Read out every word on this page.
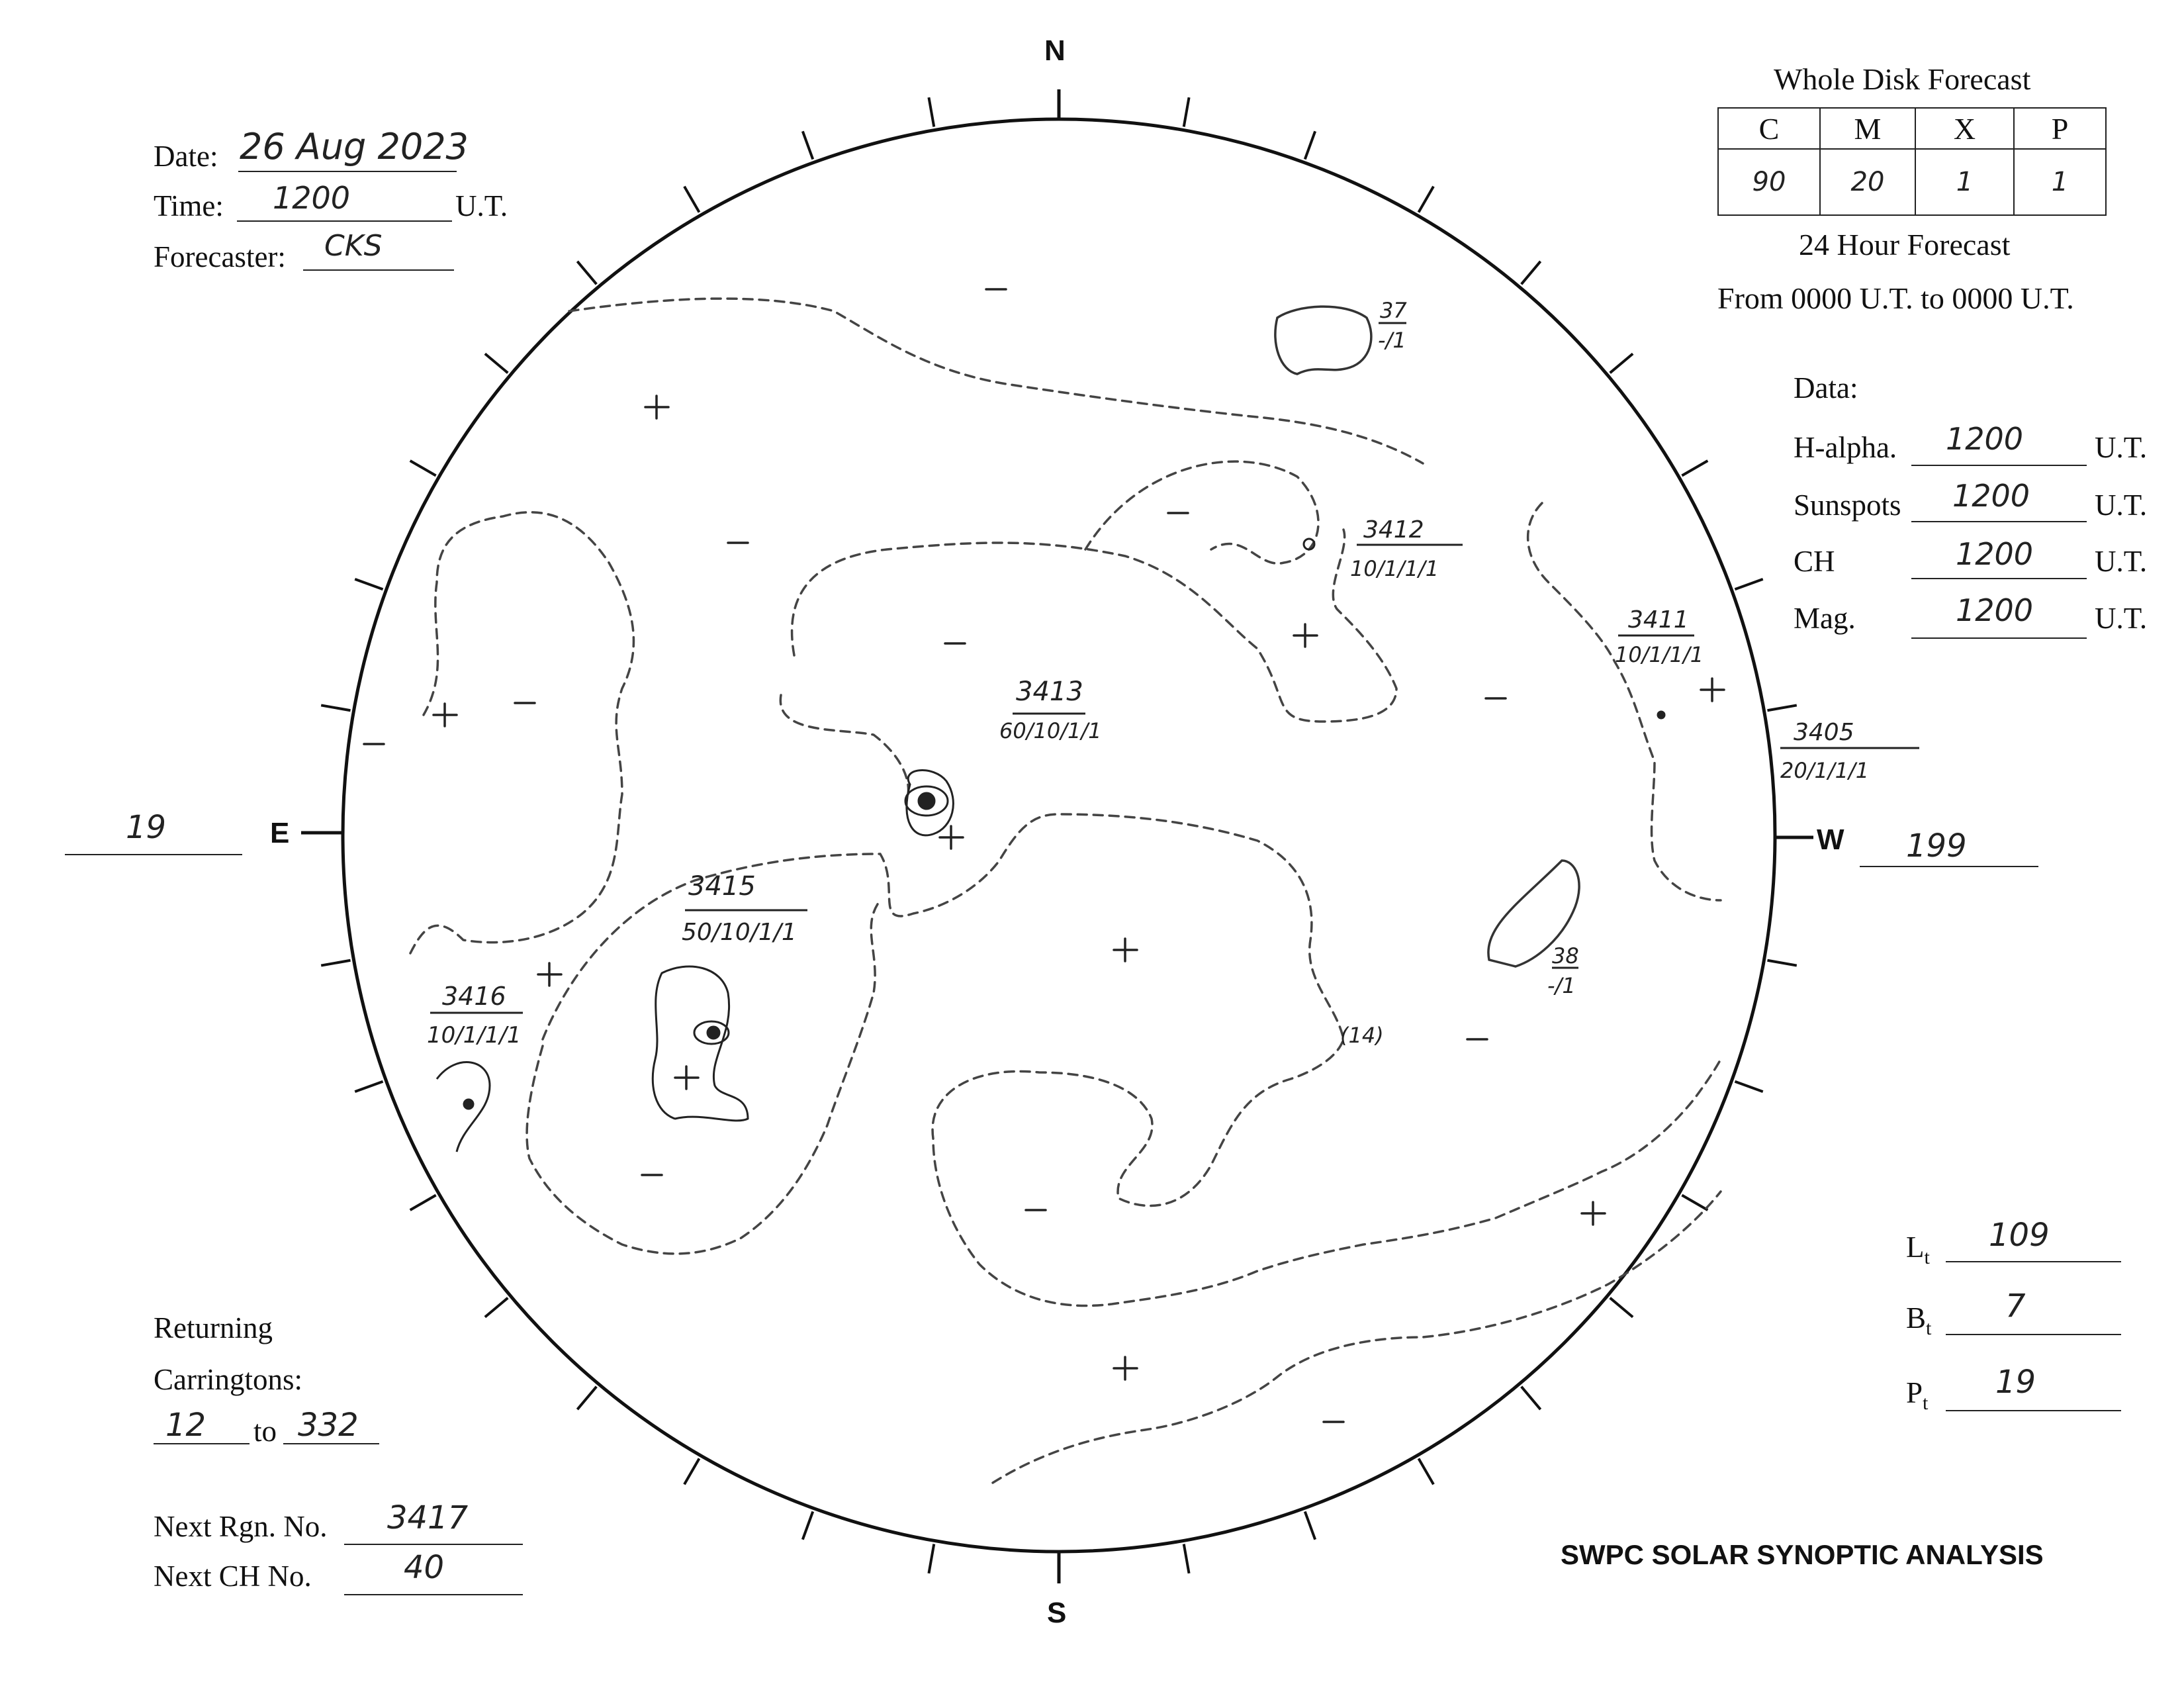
Date: 26 Aug 2023
Time: 1200	U.T.
Forecaster: CKS
Whole Disk Forecast
C	M	X	P
90	20	1	1
24 Hour Forecast
From 0000 U.T. to 0000 U.T.
Data:
H-alpha. 1200 U.T.
Sunspots 1200 U.T.
CH	1200 U.T.
Mag.	1200 U.T.
3413
60/10/1/1
3412
10/1/1/1
3411
10/1/1/1
3405
20/1/1/1
3415
50/10/1/1
3416
10/1/1/1
37
-/1
38
-/1
(14)
N
S
E	W
19	199
$L_t$
109
$B_t$
7
$P_t$
19
Returning
Carringtons:
12 to 332
Next Rgn. No. 3417
Next CH No.	40	SWPC SOLAR SYNOPTIC ANALYSIS
